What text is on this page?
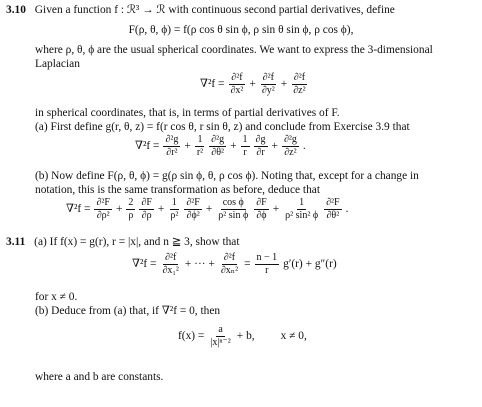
3.10 Given a function f : ℛ³ → ℛ with continuous second partial derivatives, define
F(ρ, θ, ϕ) = f(ρ cos θ sin ϕ, ρ sin θ sin ϕ, ρ cos ϕ),
where ρ, θ, ϕ are the usual spherical coordinates. We want to express the 3-dimensional
Laplacian
$\nabla^2f = \frac{\text{∂²f}}{\text{∂x²}} + \frac{\text{∂²f}}{\text{∂y²}} + \frac{\text{∂²f}}{\text{∂z²}}$
in spherical coordinates, that is, in terms of partial derivatives of F.
(a) First define g(r, θ, z) = f(r cos θ, r sin θ, z) and conclude from Exercise 3.9 that
$\nabla^2f = \frac{\text{∂²g}}{\text{∂r²}} + \frac{1}{\text{r²}} \frac{\text{∂²g}}{\text{∂θ²}} + \frac{1}{r} \frac{\partial g}{\partial r} + \frac{\text{∂²g}}{\text{∂z²}}$ .
(b) Now define F(ρ, θ, ϕ) = g(ρ sin ϕ, θ, ρ cos ϕ). Noting that, except for a change in
notation, this is the same transformation as before, deduce that
$\nabla^2f = \frac{\text{∂²F}}{\text{∂ρ²}} + \frac{2}{\rho} \frac{\partial F}{\partial\rho} + \frac{1}{\text{ρ²}} \frac{\text{∂²F}}{\text{∂ϕ²}} + \frac{\text{cos ϕ}}{\text{ρ² sin ϕ}} \frac{\partial F}{\partial\phi} + \frac{1}{\text{ρ² sin² ϕ}} \frac{\text{∂²F}}{\text{∂θ²}}$ .
3.11 (a) If f(x) = g(r), r = |x|, and n ≧ 3, show that
$\nabla^2f = \frac{\text{∂²f}}{\text{∂x₁²}}$ + ··· + $\frac{\text{∂²f}}{\text{∂xₙ²}} = \frac{n - 1}{r} g'(r) + g''(r)$
for x ≠ 0.
(b) Deduce from (a) that, if ∇²f = 0, then
$f(x) = \frac{a}{\text{|x|ⁿ⁻²}} + b$, x ≠ 0,
where a and b are constants.
